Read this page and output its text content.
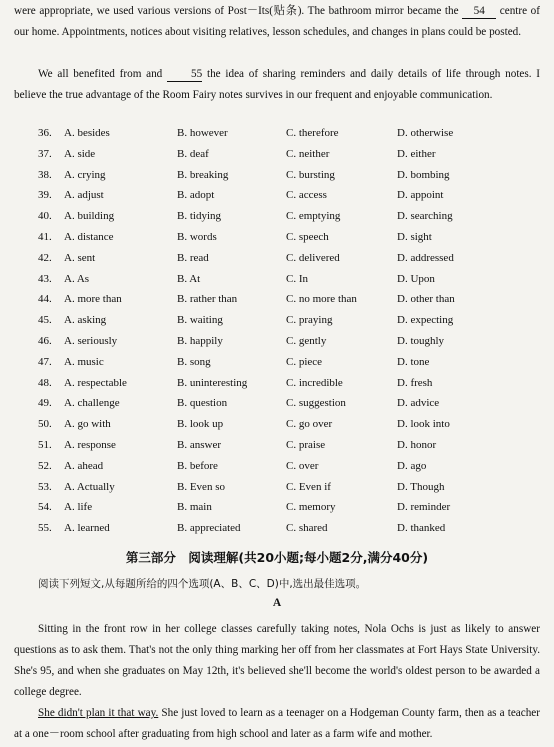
were appropriate, we used various versions of Post－Its(贴条). The bathroom mirror became the 54 centre of our home. Appointments, notices about visiting relatives, lesson schedules, and changes in plans could be posted.

We all benefited from and	55 the idea of sharing reminders and daily details of life through notes. I believe the true advantage of the Room Fairy notes survives in our frequent and enjoyable communication.

36. A. besides	B. however	C. therefore	D. otherwise
37. A. side	B. deaf	C. neither	D. either
38. A. crying	B. breaking	C. bursting	D. bombing
39. A. adjust	B. adopt	C. access	D. appoint
40. A. building	B. tidying	C. emptying	D. searching
41. A. distance	B. words	C. speech	D. sight
42. A. sent	B. read	C. delivered	D. addressed
43. A. As	B. At	C. In	D. Upon
44. A. more than	B. rather than	C. no more than	D. other than
45. A. asking	B. waiting	C. praying	D. expecting
46. A. seriously	B. happily	C. gently	D. toughly
47. A. music	B. song	C. piece	D. tone
48. A. respectable	B. uninteresting	C. incredible	D. fresh
49. A. challenge	B. question	C. suggestion	D. advice
50. A. go with	B. look up	C. go over	D. look into
51. A. response	B. answer	C. praise	D. honor
52. A. ahead	B. before	C. over	D. ago
53. A. Actually	B. Even so	C. Even if	D. Though
54. A. life	B. main	C. memory	D. reminder
55. A. learned	B. appreciated	C. shared	D. thanked
第三部分　阅读理解(共20小题;每小题2分,满分40分)
阅读下列短文,从每题所给的四个选项(A、B、C、D)中,选出最佳选项。
A

Sitting in the front row in her college classes carefully taking notes, Nola Ochs is just as likely to answer questions as to ask them. That's not the only thing marking her off from her classmates at Fort Hays State University. She's 95, and when she graduates on May 12th, it's believed she'll become the world's oldest person to be awarded a college degree.

She didn't plan it that way. She just loved to learn as a teenager on a Hodgeman County farm, then as a teacher at a one－room school after graduating from high school and later as a farm wife and mother.
